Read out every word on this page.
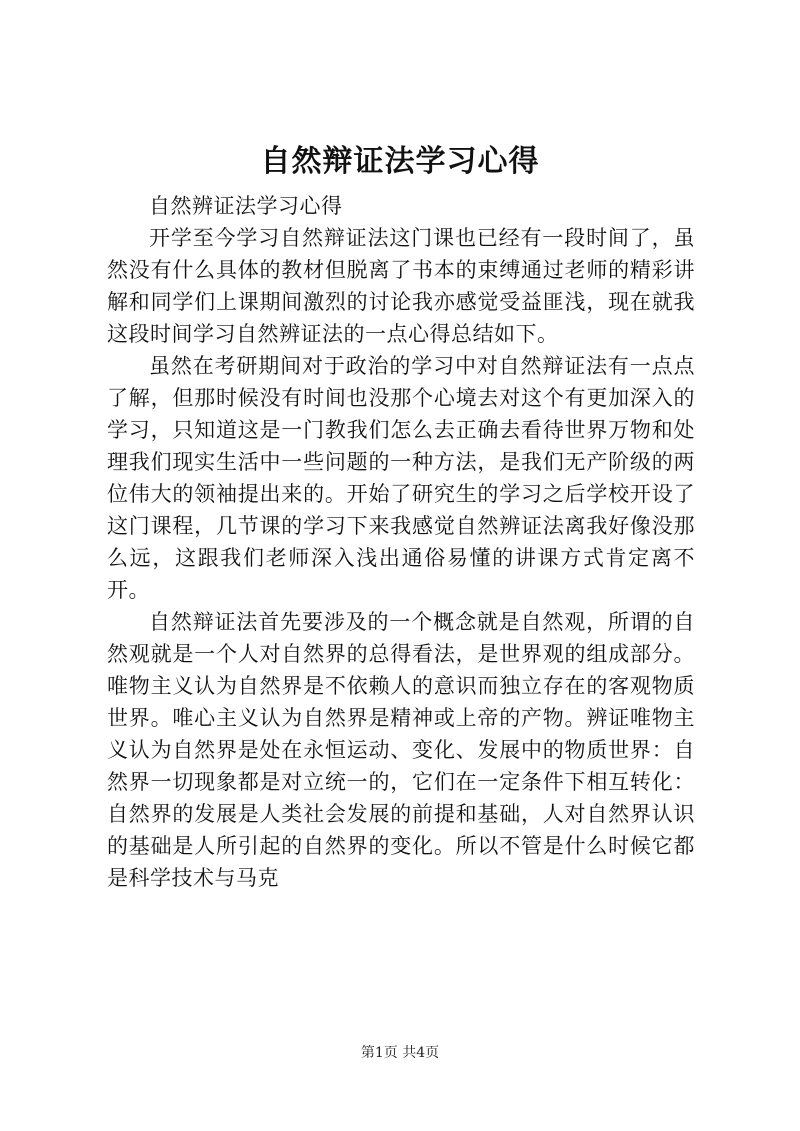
自然辩证法学习心得

自然辨证法学习心得

开学至今学习自然辩证法这门课也已经有一段时间了，虽然没有什么具体的教材但脱离了书本的束缚通过老师的精彩讲解和同学们上课期间激烈的讨论我亦感觉受益匪浅，现在就我这段时间学习自然辨证法的一点心得总结如下。

虽然在考研期间对于政治的学习中对自然辩证法有一点点了解，但那时候没有时间也没那个心境去对这个有更加深入的学习，只知道这是一门教我们怎么去正确去看待世界万物和处理我们现实生活中一些问题的一种方法，是我们无产阶级的两位伟大的领袖提出来的。开始了研究生的学习之后学校开设了这门课程，几节课的学习下来我感觉自然辨证法离我好像没那么远，这跟我们老师深入浅出通俗易懂的讲课方式肯定离不开。

自然辩证法首先要涉及的一个概念就是自然观，所谓的自然观就是一个人对自然界的总得看法，是世界观的组成部分。唯物主义认为自然界是不依赖人的意识而独立存在的客观物质世界。唯心主义认为自然界是精神或上帝的产物。辨证唯物主义认为自然界是处在永恒运动、变化、发展中的物质世界：自然界一切现象都是对立统一的，它们在一定条件下相互转化：自然界的发展是人类社会发展的前提和基础，人对自然界认识的基础是人所引起的自然界的变化。所以不管是什么时候它都是科学技术与马克

第1页 共4页
